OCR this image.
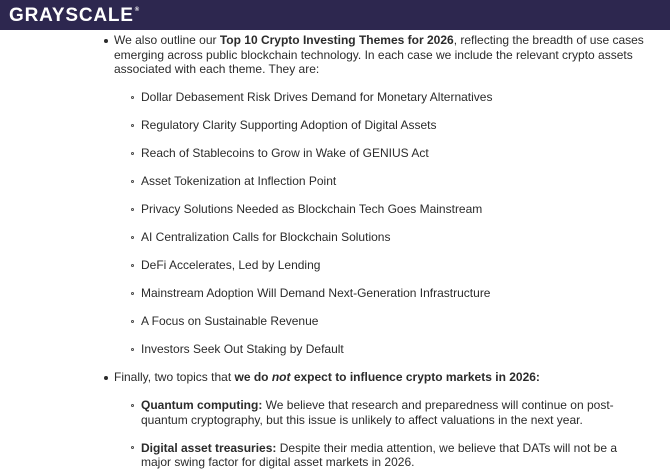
GRAYSCALE ®
We also outline our Top 10 Crypto Investing Themes for 2026, reflecting the breadth of use cases emerging across public blockchain technology. In each case we include the relevant crypto assets associated with each theme. They are:
Dollar Debasement Risk Drives Demand for Monetary Alternatives
Regulatory Clarity Supporting Adoption of Digital Assets
Reach of Stablecoins to Grow in Wake of GENIUS Act
Asset Tokenization at Inflection Point
Privacy Solutions Needed as Blockchain Tech Goes Mainstream
AI Centralization Calls for Blockchain Solutions
DeFi Accelerates, Led by Lending
Mainstream Adoption Will Demand Next-Generation Infrastructure
A Focus on Sustainable Revenue
Investors Seek Out Staking by Default
Finally, two topics that we do not expect to influence crypto markets in 2026:
Quantum computing: We believe that research and preparedness will continue on post-quantum cryptography, but this issue is unlikely to affect valuations in the next year.
Digital asset treasuries: Despite their media attention, we believe that DATs will not be a major swing factor for digital asset markets in 2026.
